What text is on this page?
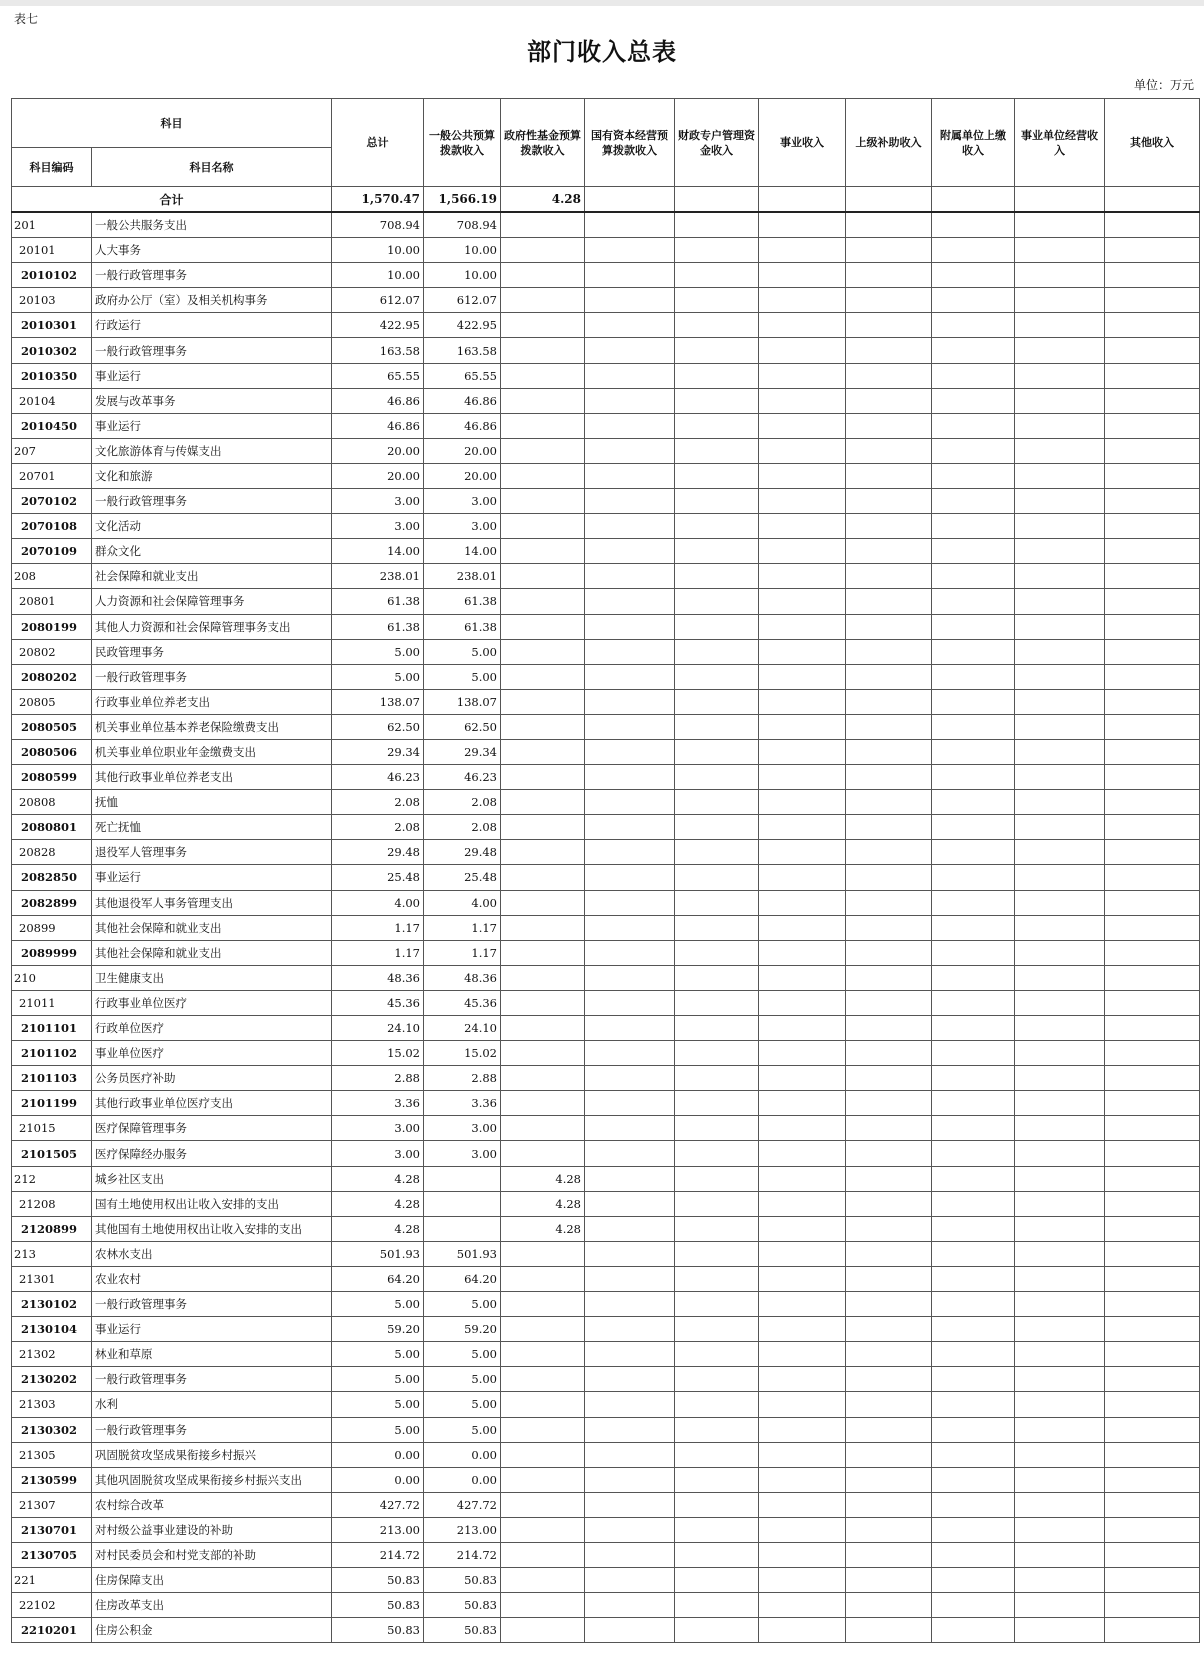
表七
部门收入总表
单位：万元
科目		总计	一般公共预算拨款收入	政府性基金预算拨款收入	国有资本经营预算拨款收入	财政专户管理资金收入	事业收入	上级补助收入	附属单位上缴收入	事业单位经营收入	其他收入
科目编码	科目名称										
合计		1,570.47	1,566.19	4.28							
201	一般公共服务支出	708.94	708.94								
20101	人大事务	10.00	10.00								
2010102	一般行政管理事务	10.00	10.00								
20103	政府办公厅（室）及相关机构事务	612.07	612.07								
2010301	行政运行	422.95	422.95								
2010302	一般行政管理事务	163.58	163.58								
2010350	事业运行	65.55	65.55								
20104	发展与改革事务	46.86	46.86								
2010450	事业运行	46.86	46.86								
207	文化旅游体育与传媒支出	20.00	20.00								
20701	文化和旅游	20.00	20.00								
2070102	一般行政管理事务	3.00	3.00								
2070108	文化活动	3.00	3.00								
2070109	群众文化	14.00	14.00								
208	社会保障和就业支出	238.01	238.01								
20801	人力资源和社会保障管理事务	61.38	61.38								
2080199	其他人力资源和社会保障管理事务支出	61.38	61.38								
20802	民政管理事务	5.00	5.00								
2080202	一般行政管理事务	5.00	5.00								
20805	行政事业单位养老支出	138.07	138.07								
2080505	机关事业单位基本养老保险缴费支出	62.50	62.50								
2080506	机关事业单位职业年金缴费支出	29.34	29.34								
2080599	其他行政事业单位养老支出	46.23	46.23								
20808	抚恤	2.08	2.08								
2080801	死亡抚恤	2.08	2.08								
20828	退役军人管理事务	29.48	29.48								
2082850	事业运行	25.48	25.48								
2082899	其他退役军人事务管理支出	4.00	4.00								
20899	其他社会保障和就业支出	1.17	1.17								
2089999	其他社会保障和就业支出	1.17	1.17								
210	卫生健康支出	48.36	48.36								
21011	行政事业单位医疗	45.36	45.36								
2101101	行政单位医疗	24.10	24.10								
2101102	事业单位医疗	15.02	15.02								
2101103	公务员医疗补助	2.88	2.88								
2101199	其他行政事业单位医疗支出	3.36	3.36								
21015	医疗保障管理事务	3.00	3.00								
2101505	医疗保障经办服务	3.00	3.00								
212	城乡社区支出	4.28		4.28							
21208	国有土地使用权出让收入安排的支出	4.28		4.28							
2120899	其他国有土地使用权出让收入安排的支出	4.28		4.28							
213	农林水支出	501.93	501.93								
21301	农业农村	64.20	64.20								
2130102	一般行政管理事务	5.00	5.00								
2130104	事业运行	59.20	59.20								
21302	林业和草原	5.00	5.00								
2130202	一般行政管理事务	5.00	5.00								
21303	水利	5.00	5.00								
2130302	一般行政管理事务	5.00	5.00								
21305	巩固脱贫攻坚成果衔接乡村振兴	0.00	0.00								
2130599	其他巩固脱贫攻坚成果衔接乡村振兴支出	0.00	0.00								
21307	农村综合改革	427.72	427.72								
2130701	对村级公益事业建设的补助	213.00	213.00								
2130705	对村民委员会和村党支部的补助	214.72	214.72								
221	住房保障支出	50.83	50.83								
22102	住房改革支出	50.83	50.83								
2210201	住房公积金	50.83	50.83								
